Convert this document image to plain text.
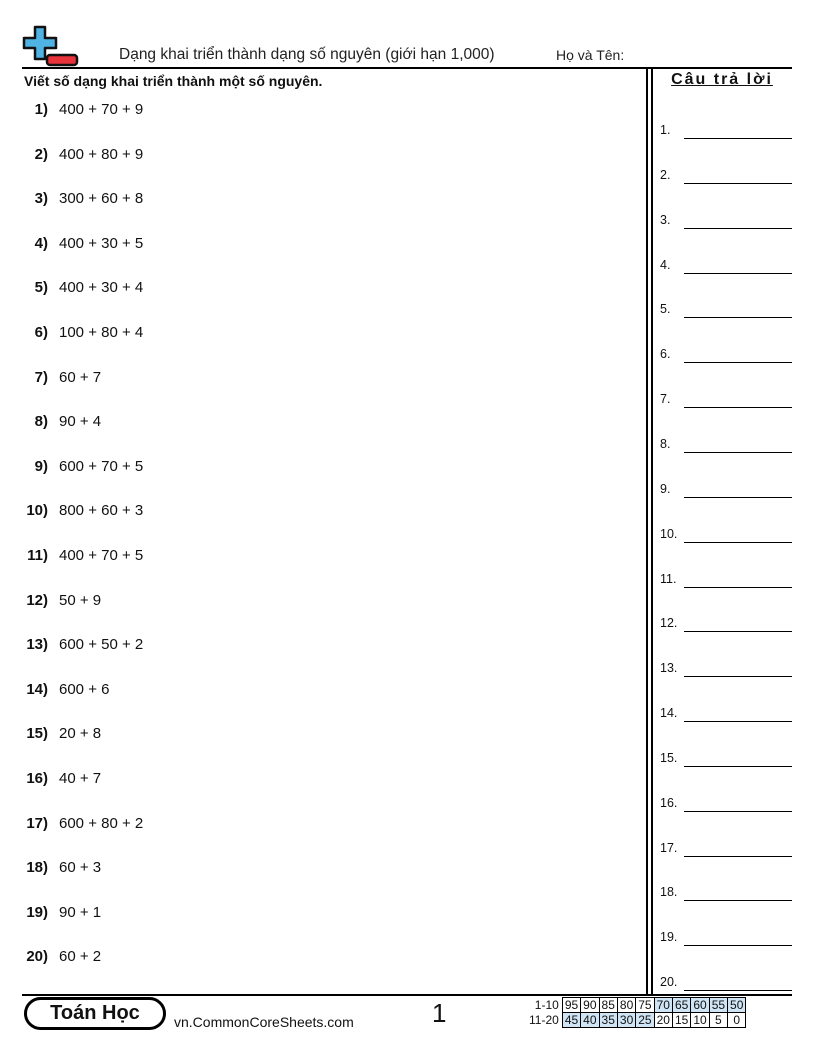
Dạng khai triển thành dạng số nguyên (giới hạn 1,000)	Họ và Tên:
Viết số dạng khai triển thành một số nguyên.
1) 400 + 70 + 9
2) 400 + 80 + 9
3) 300 + 60 + 8
4) 400 + 30 + 5
5) 400 + 30 + 4
6) 100 + 80 + 4
7) 60 + 7
8) 90 + 4
9) 600 + 70 + 5
10) 800 + 60 + 3
11) 400 + 70 + 5
12) 50 + 9
13) 600 + 50 + 2
14) 600 + 6
15) 20 + 8
16) 40 + 7
17) 600 + 80 + 2
18) 60 + 3
19) 90 + 1
20) 60 + 2
Câu trả lời
1.
2.
3.
4.
5.
6.
7.
8.
9.
10.
11.
12.
13.
14.
15.
16.
17.
18.
19.
20.
Toán Học	vn.CommonCoreSheets.com	1	1-10	95	90	85	80	75	70	65	60	55	50
11-20	45	40	35	30	25	20	15	10	5	0
